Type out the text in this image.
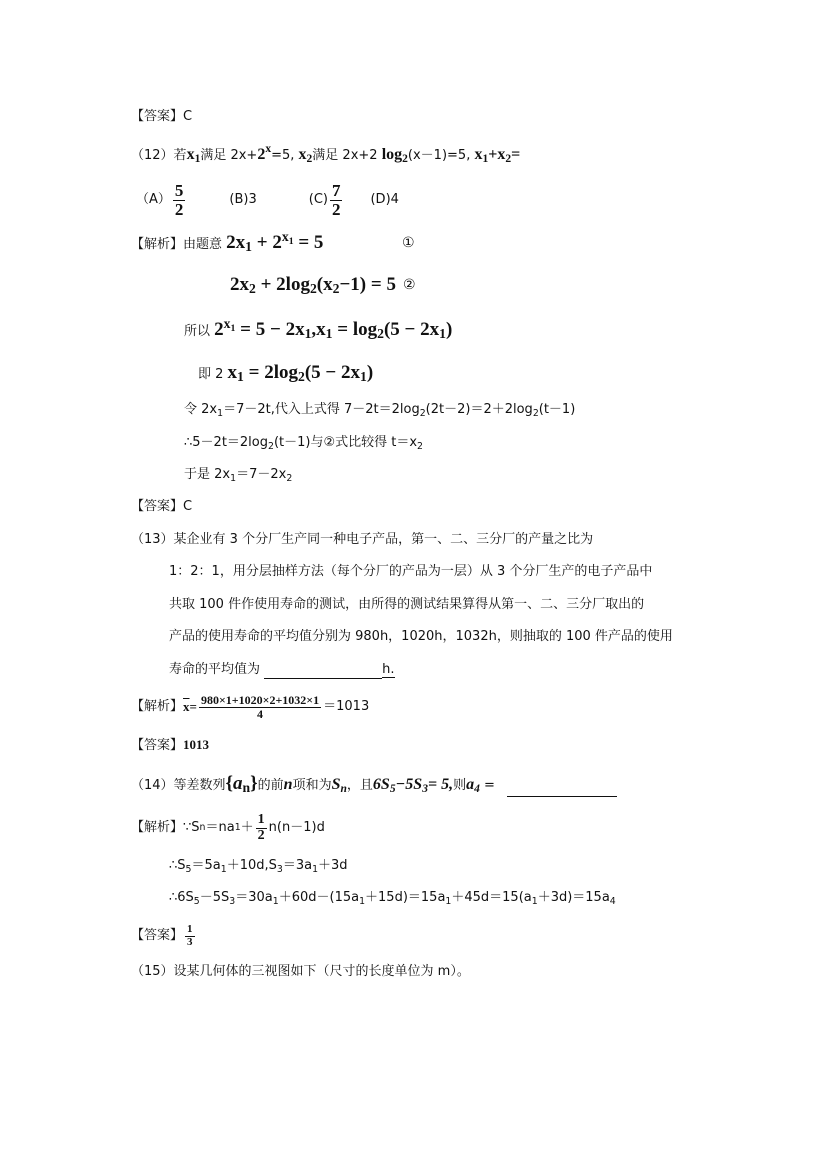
【答案】C
（12）若$x_1$满足 $2x+2^x=5$, $x_2$满足 2x+2 $\log_2(x-1)=5$, $x_1+x_2=$
$(A) \frac{5}{2}$	(B)3	$(C) \frac{7}{2} (D)4$
【解析】由题意 $2x_1 + 2^{x_1} = 5$	①
$2x_2 + 2\log_2(x_2-1) = 5$ ②
所以 $2^{x_1} = 5 - 2x_1,x_1 = \log_2(5 - 2x_1)$
即 2 $x_1 = 2\log_2(5 - 2x_1)$
令 $2x_1=7-2t$,代入上式得 $7-2t=2\log_2(2t-2)=2+2\log_2(t-1)$
$\therefore 5-2t=2\log_2(t-1)$与②式比较得 $t=x_2$
于是 $2x_1=7-2x_2$
【答案】C
（13）某企业有 3 个分厂生产同一种电子产品，第一、二、三分厂的产量之比为
1：2：1，用分层抽样方法（每个分厂的产品为一层）从 3 个分厂生产的电子产品中
共取 100 件作使用寿命的测试，由所得的测试结果算得从第一、二、三分厂取出的
产品的使用寿命的平均值分别为 980h，1020h，1032h，则抽取的 100 件产品的使用
寿命的平均值为	h.
【解析】 $\overline{x} = \frac{980\times 1+1020\times 2+1032\times 1}{4} =1013$
【答案】1013
（14）等差数列$\{a_n\}$的前n项和为$S_n$，且$6S_5-5S_3= 5$,则$a_4$ =
【解析】 ∵S n ＝na $1 + \frac{1}{2} n(n-1)d$
$\therefore S_5=5a_1+10d,S_3=3a_1+3d$
$\therefore 6S_5-5S_3=30a_1+60d-(15a_1+15d)=15a_1+45d=15(a_1+3d)=15a_4$
【答案】 $\frac{1}{3}$
（15）设某几何体的三视图如下（尺寸的长度单位为 m）。
